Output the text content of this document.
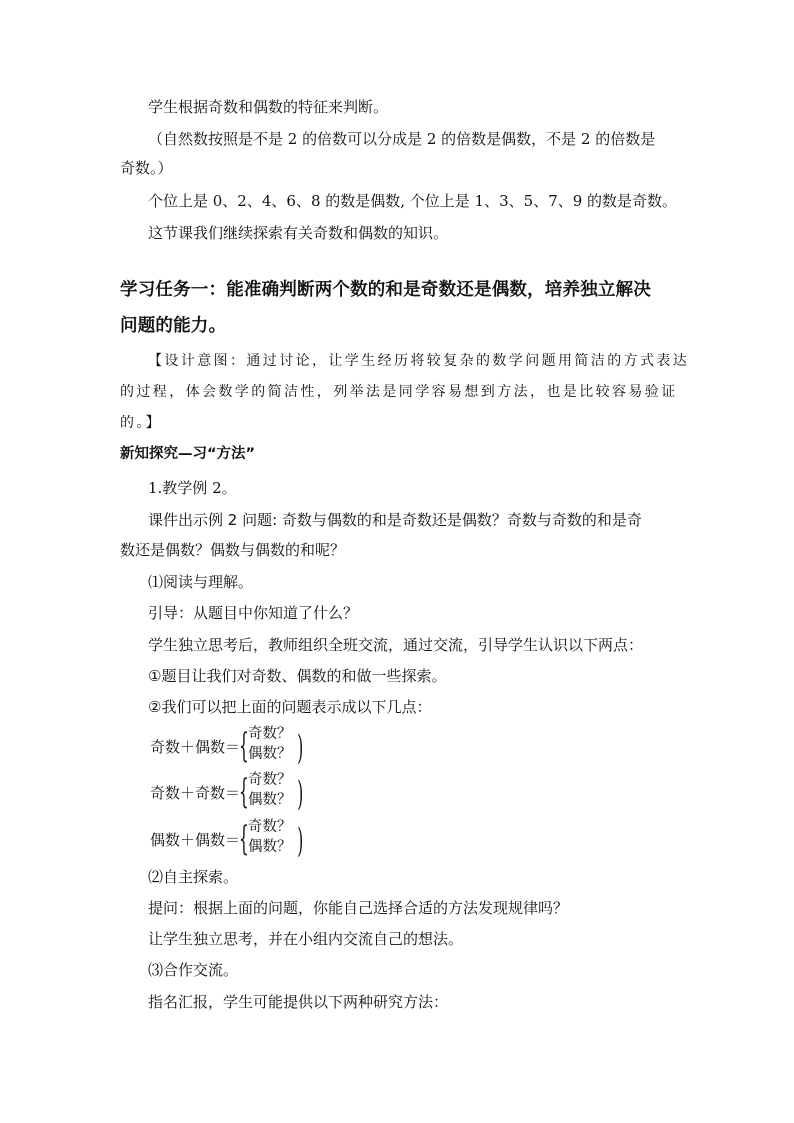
学生根据奇数和偶数的特征来判断。
（自然数按照是不是 2 的倍数可以分成是 2 的倍数是偶数，不是 2 的倍数是
奇数。）
个位上是 0、2、4、6、8 的数是偶数, 个位上是 1、3、5、7、9 的数是奇数。
这节课我们继续探索有关奇数和偶数的知识。
学习任务一：能准确判断两个数的和是奇数还是偶数，培养独立解决
问题的能力。
【设计意图：通过讨论，让学生经历将较复杂的数学问题用简洁的方式表达
的过程，体会数学的简洁性，列举法是同学容易想到方法，也是比较容易验证
的。】
新知探究—习“方法”
1.教学例 2。
课件出示例 2 问题: 奇数与偶数的和是奇数还是偶数？奇数与奇数的和是奇
数还是偶数？偶数与偶数的和呢？
⑴阅读与理解。
引导：从题目中你知道了什么？
学生独立思考后，教师组织全班交流，通过交流，引导学生认识以下两点：
①题目让我们对奇数、偶数的和做一些探索。
②我们可以把上面的问题表示成以下几点：
奇数＋偶数＝ { 奇数？
偶数？ )
奇数＋奇数＝ { 奇数？
偶数？ )
偶数＋偶数＝ { 奇数？
偶数？ )
⑵自主探索。
提问：根据上面的问题，你能自己选择合适的方法发现规律吗？
让学生独立思考，并在小组内交流自己的想法。
⑶合作交流。
指名汇报，学生可能提供以下两种研究方法：
